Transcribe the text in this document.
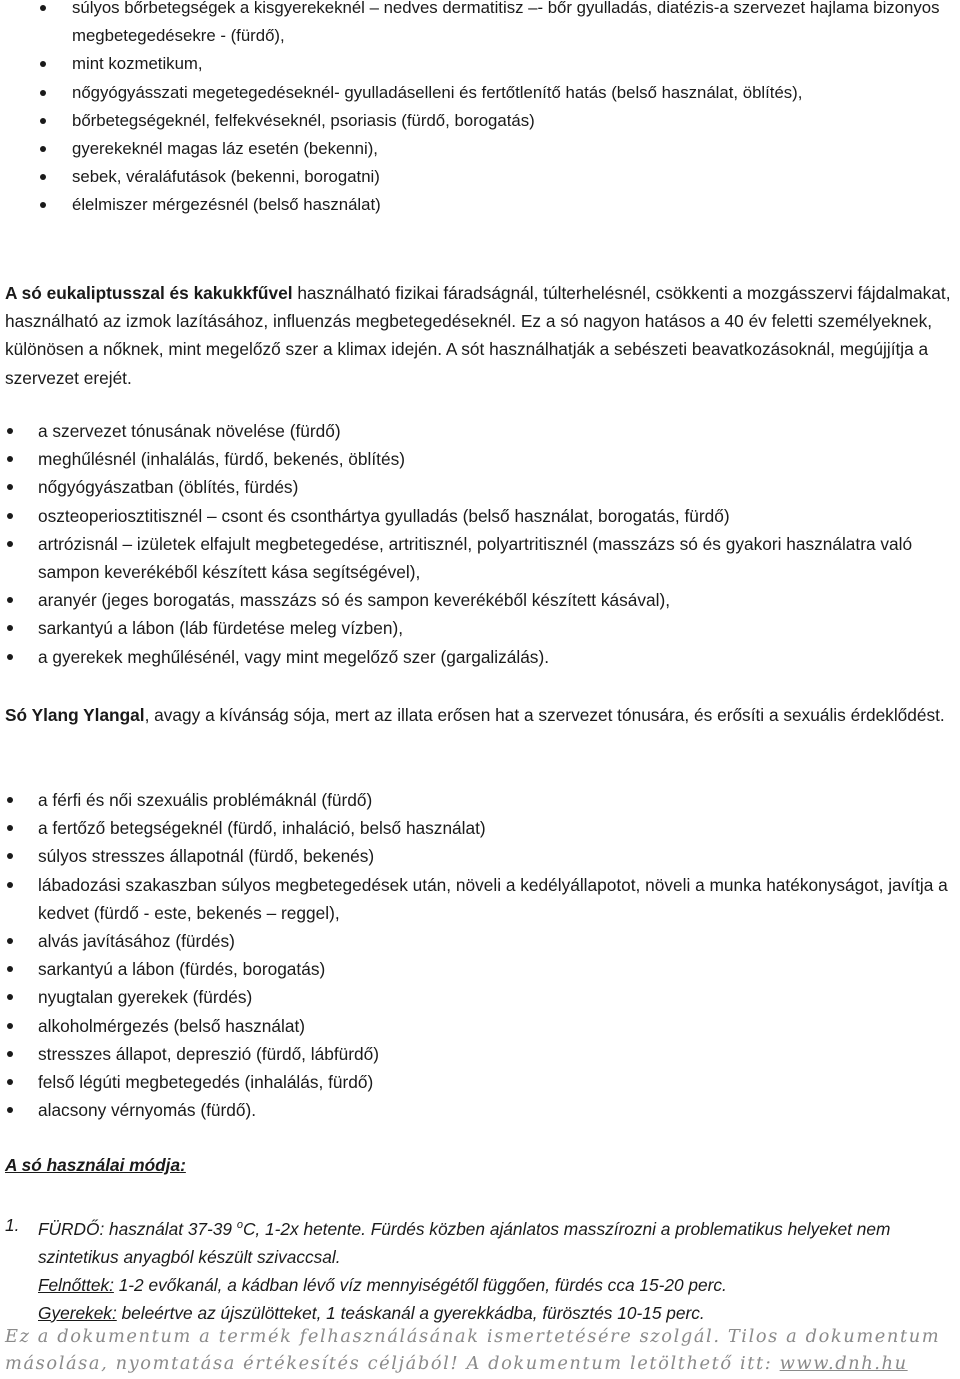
súlyos bőrbetegségek a kisgyerekeknél – nedves dermatitisz –- bőr gyulladás, diatézis-a szervezet hajlama bizonyos megbetegedésekre - (fürdő),
mint kozmetikum,
nőgyógyásszati megetegedéseknél- gyulladáselleni és fertőtlenítő hatás (belső használat, öblítés),
bőrbetegségeknél, felfekvéseknél, psoriasis (fürdő, borogatás)
gyerekeknél magas láz esetén (bekenni),
sebek, véraláfutások (bekenni, borogatni)
élelmiszer mérgezésnél (belső használat)

A só eukaliptusszal és kakukkfűvel használható fizikai fáradságnál, túlterhelésnél, csökkenti a mozgásszervi fájdalmakat, használható az izmok lazításához, influenzás megbetegedéseknél. Ez a só nagyon hatásos a 40 év feletti személyeknek, különösen a nőknek, mint megelőző szer a klimax idején. A sót használhatják a sebészeti beavatkozásoknál, megújjítja a szervezet erejét.

a szervezet tónusának növelése (fürdő)
meghűlésnél (inhalálás, fürdő, bekenés, öblítés)
nőgyógyászatban (öblítés, fürdés)
oszteoperiosztitisznél – csont és csonthártya gyulladás (belső használat, borogatás, fürdő)
artrózisnál – izületek elfajult megbetegedése, artritisznél, polyartritisznél (masszázs só és gyakori használatra való sampon keverékéből készített kása segítségével),
aranyér (jeges borogatás, masszázs só és sampon keverékéből készített kásával),
sarkantyú a lábon (láb fürdetése meleg vízben),
a gyerekek meghűlésénél, vagy mint megelőző szer (gargalizálás).

Só Ylang Ylangal, avagy a kívánság sója, mert az illata erősen hat a szervezet tónusára, és erősíti a sexuális érdeklődést.

a férfi és női szexuális problémáknál (fürdő)
a fertőző betegségeknél (fürdő, inhaláció, belső használat)
súlyos stresszes állapotnál (fürdő, bekenés)
lábadozási szakaszban súlyos megbetegedések után, növeli a kedélyállapotot, növeli a munka hatékonyságot, javítja a kedvet (fürdő - este, bekenés – reggel),
alvás javításához (fürdés)
sarkantyú a lábon (fürdés, borogatás)
nyugtalan gyerekek (fürdés)
alkoholmérgezés (belső használat)
stresszes állapot, depreszió (fürdő, lábfürdő)
felső légúti megbetegedés (inhalálás, fürdő)
alacsony vérnyomás (fürdő).
A só használai módja:
1. FÜRDŐ: használat 37-39 $^o$C, 1-2x hetente. Fürdés közben ajánlatos masszírozni a problematikus helyeket nem szintetikus anyagból készült szivaccsal.
Felnőttek: 1-2 evőkanál, a kádban lévő víz mennyiségétől függően, fürdés cca 15-20 perc.
Gyerekek: beleértve az újszülötteket, 1 teáskanál a gyerekkádba, fürösztés 10-15 perc.
Ez a dokumentum a termék felhasználásának ismertetésére szolgál. Tilos a dokumentum
másolása, nyomtatása értékesítés céljából! A dokumentum letölthető itt: www.dnh.hu
